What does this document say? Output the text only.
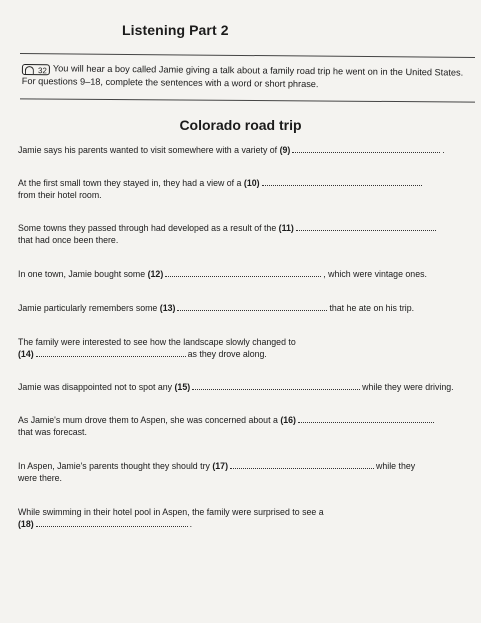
Listening Part 2
32 You will hear a boy called Jamie giving a talk about a family road trip he went on in the United States.
For questions 9–18, complete the sentences with a word or short phrase.
Colorado road trip
Jamie says his parents wanted to visit somewhere with a variety of (9)	.
At the first small town they stayed in, they had a view of a (10)
from their hotel room.
Some towns they passed through had developed as a result of the (11)
that had once been there.
In one town, Jamie bought some (12)	, which were vintage ones.
Jamie particularly remembers some (13)	that he ate on his trip.
The family were interested to see how the landscape slowly changed to
(14)	as they drove along.
Jamie was disappointed not to spot any (15)	while they were driving.
As Jamie's mum drove them to Aspen, she was concerned about a (16)
that was forecast.
In Aspen, Jamie's parents thought they should try (17)	while they
were there.
While swimming in their hotel pool in Aspen, the family were surprised to see a
(18)	.
